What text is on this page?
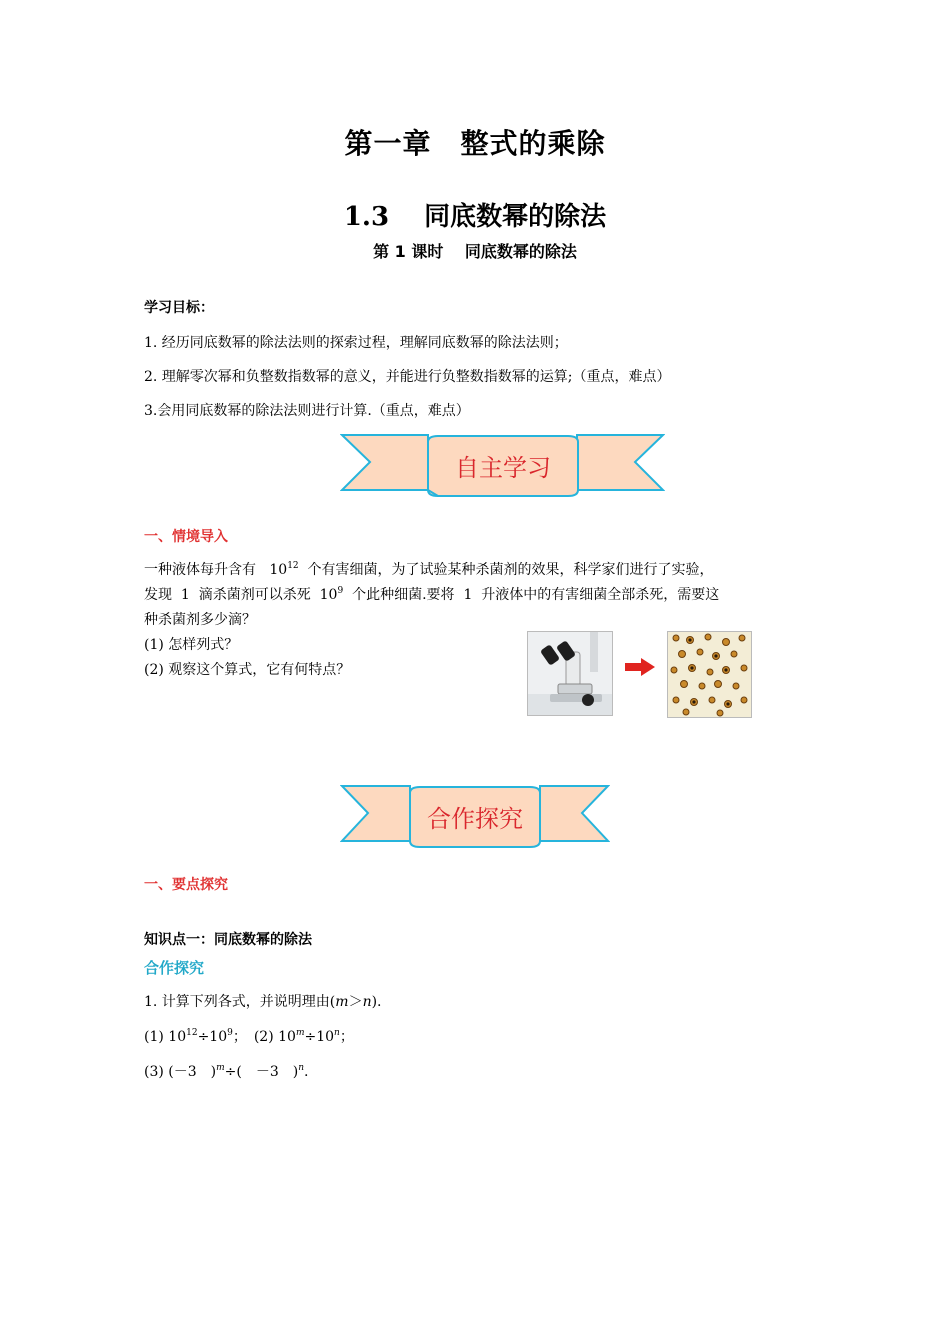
第一章　整式的乘除
1.3　 同底数幂的除法
第 1 课时　 同底数幂的除法
学习目标：
1. 经历同底数幂的除法法则的探索过程，理解同底数幂的除法法则；
2. 理解零次幂和负整数指数幂的意义，并能进行负整数指数幂的运算;（重点，难点）
3.会用同底数幂的除法法则进行计算.（重点，难点）
自主学习
一、情境导入
一种液体每升含有 $10^{12}$ 个有害细菌，为了试验某种杀菌剂的效果，科学家们进行了实验，
发现 1 滴杀菌剂可以杀死 $10^9$ 个此种细菌.要将 1 升液体中的有害细菌全部杀死，需要这
种杀菌剂多少滴？
(1) 怎样列式？
(2) 观察这个算式，它有何特点？
合作探究
一、要点探究
知识点一：同底数幂的除法
合作探究
1. 计算下列各式，并说明理由(m＞n).
(1) $10^{12}\div 10^9$；　(2) $10^m\div 10^n$；
(3) (－3　)$^m$÷(　－3　)$^n$.
